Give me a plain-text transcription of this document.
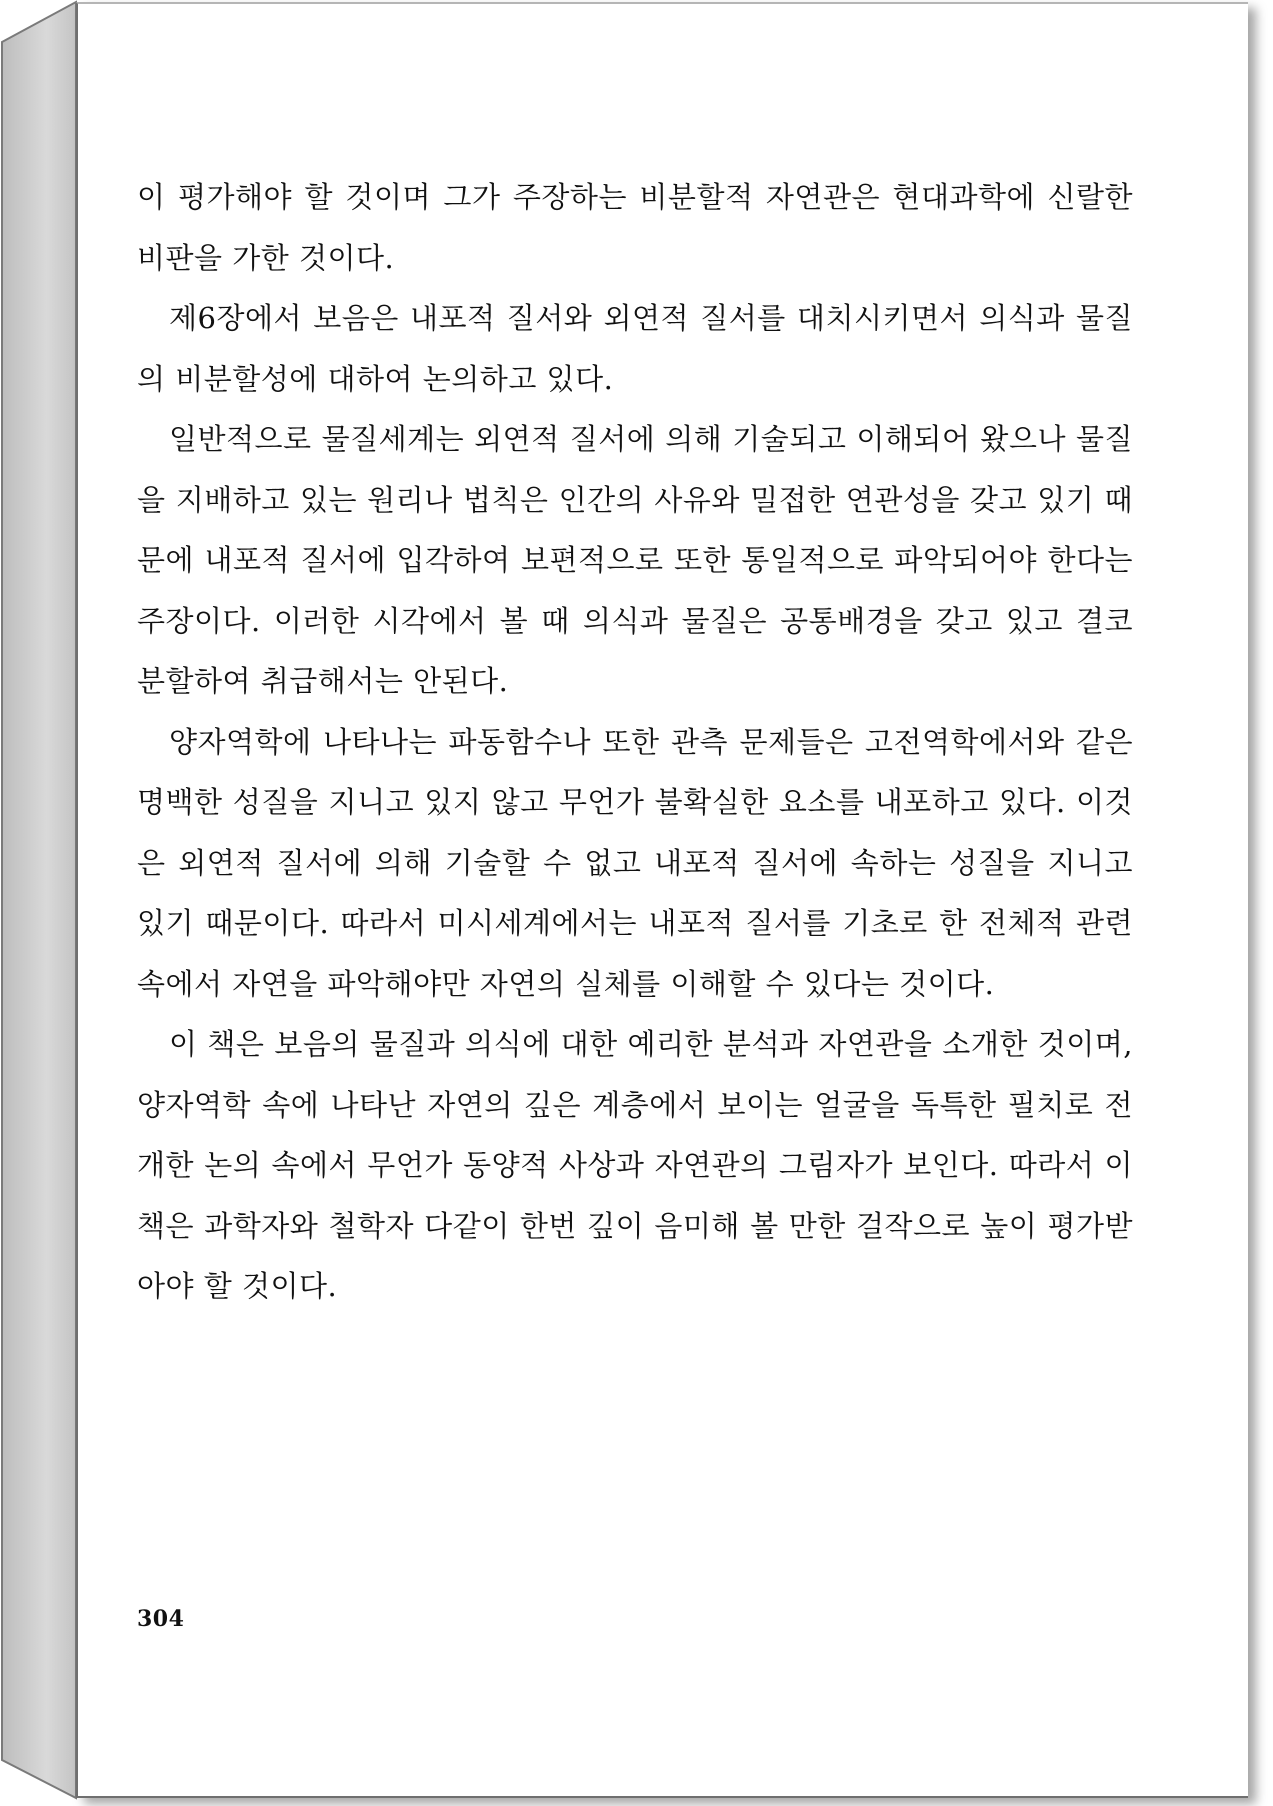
이 평가해야 할 것이며 그가 주장하는 비분할적 자연관은 현대과학에 신랄한 비판을 가한 것이다.

제6장에서 보음은 내포적 질서와 외연적 질서를 대치시키면서 의식과 물질의 비분할성에 대하여 논의하고 있다.

일반적으로 물질세계는 외연적 질서에 의해 기술되고 이해되어 왔으나 물질을 지배하고 있는 원리나 법칙은 인간의 사유와 밀접한 연관성을 갖고 있기 때문에 내포적 질서에 입각하여 보편적으로 또한 통일적으로 파악되어야 한다는 주장이다. 이러한 시각에서 볼 때 의식과 물질은 공통배경을 갖고 있고 결코 분할하여 취급해서는 안된다.

양자역학에 나타나는 파동함수나 또한 관측 문제들은 고전역학에서와 같은 명백한 성질을 지니고 있지 않고 무언가 불확실한 요소를 내포하고 있다. 이것은 외연적 질서에 의해 기술할 수 없고 내포적 질서에 속하는 성질을 지니고 있기 때문이다. 따라서 미시세계에서는 내포적 질서를 기초로 한 전체적 관련 속에서 자연을 파악해야만 자연의 실체를 이해할 수 있다는 것이다.

이 책은 보음의 물질과 의식에 대한 예리한 분석과 자연관을 소개한 것이며, 양자역학 속에 나타난 자연의 깊은 계층에서 보이는 얼굴을 독특한 필치로 전개한 논의 속에서 무언가 동양적 사상과 자연관의 그림자가 보인다. 따라서 이 책은 과학자와 철학자 다같이 한번 깊이 음미해 볼 만한 걸작으로 높이 평가받아야 할 것이다.

304
